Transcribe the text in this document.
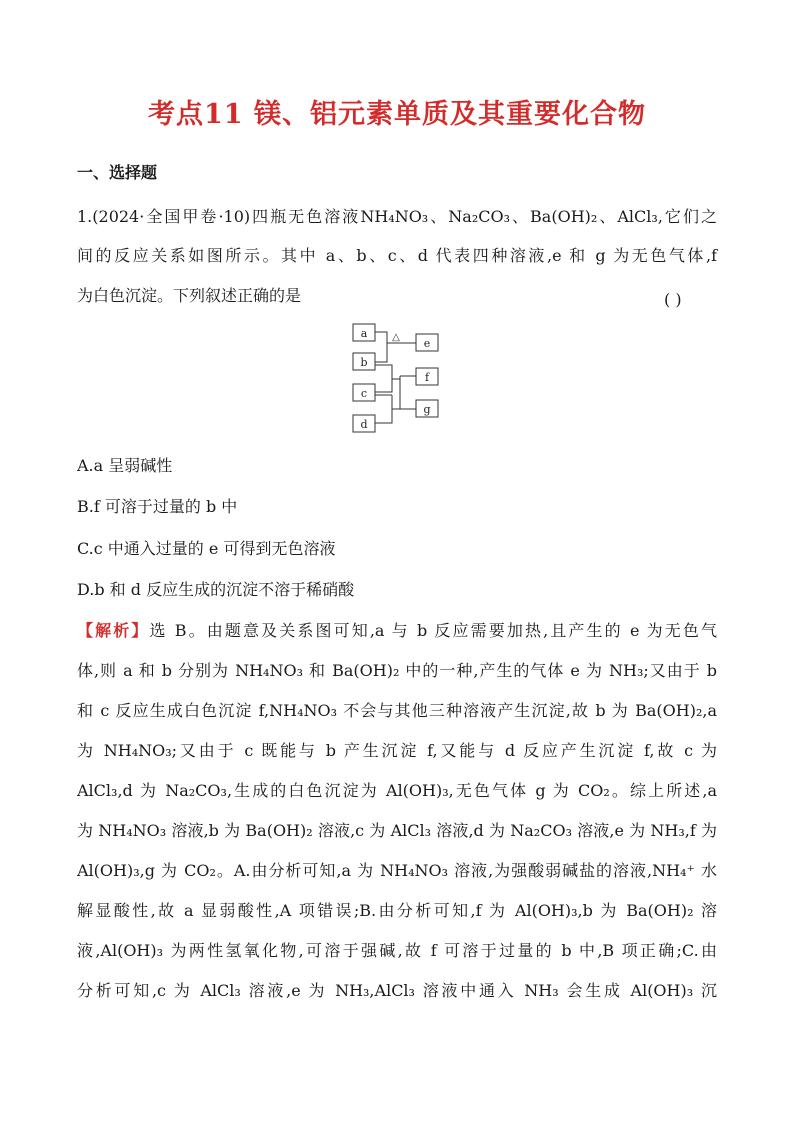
考点11 镁、铝元素单质及其重要化合物
一、选择题
1.(2024·全国甲卷·10)四瓶无色溶液NH₄NO₃、Na₂CO₃、Ba(OH)₂、AlCl₃,它们之
间的反应关系如图所示。其中 a、b、c、d 代表四种溶液,e 和 g 为无色气体,f
为白色沉淀。下列叙述正确的是	( )
△
a
b
c
d
e
f
g
A.a 呈弱碱性
B.f 可溶于过量的 b 中
C.c 中通入过量的 e 可得到无色溶液
D.b 和 d 反应生成的沉淀不溶于稀硝酸
【解析】选 B。由题意及关系图可知,a 与 b 反应需要加热,且产生的 e 为无色气
体,则 a 和 b 分别为 NH₄NO₃ 和 Ba(OH)₂ 中的一种,产生的气体 e 为 NH₃;又由于 b
和 c 反应生成白色沉淀 f,NH₄NO₃ 不会与其他三种溶液产生沉淀,故 b 为 Ba(OH)₂,a
为 NH₄NO₃;又由于 c 既能与 b 产生沉淀 f,又能与 d 反应产生沉淀 f,故 c 为
AlCl₃,d 为 Na₂CO₃,生成的白色沉淀为 Al(OH)₃,无色气体 g 为 CO₂。综上所述,a
为 NH₄NO₃ 溶液,b 为 Ba(OH)₂ 溶液,c 为 AlCl₃ 溶液,d 为 Na₂CO₃ 溶液,e 为 NH₃,f 为
Al(OH)₃,g 为 CO₂。A.由分析可知,a 为 NH₄NO₃ 溶液,为强酸弱碱盐的溶液,NH₄⁺ 水
解显酸性,故 a 显弱酸性,A 项错误;B.由分析可知,f 为 Al(OH)₃,b 为 Ba(OH)₂ 溶
液,Al(OH)₃ 为两性氢氧化物,可溶于强碱,故 f 可溶于过量的 b 中,B 项正确;C.由
分析可知,c 为 AlCl₃ 溶液,e 为 NH₃,AlCl₃ 溶液中通入 NH₃ 会生成 Al(OH)₃ 沉
